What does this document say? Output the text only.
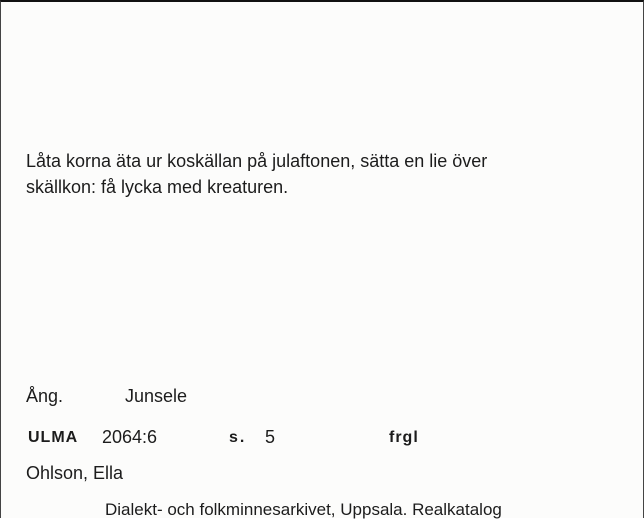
Låta korna äta ur koskällan på julaftonen, sätta en lie över
skällkon: få lycka med kreaturen.
Ång.	Junsele
ULMA 2064:6	s. 5	frgl
Ohlson, Ella
Dialekt- och folkminnesarkivet, Uppsala. Realkatalog
